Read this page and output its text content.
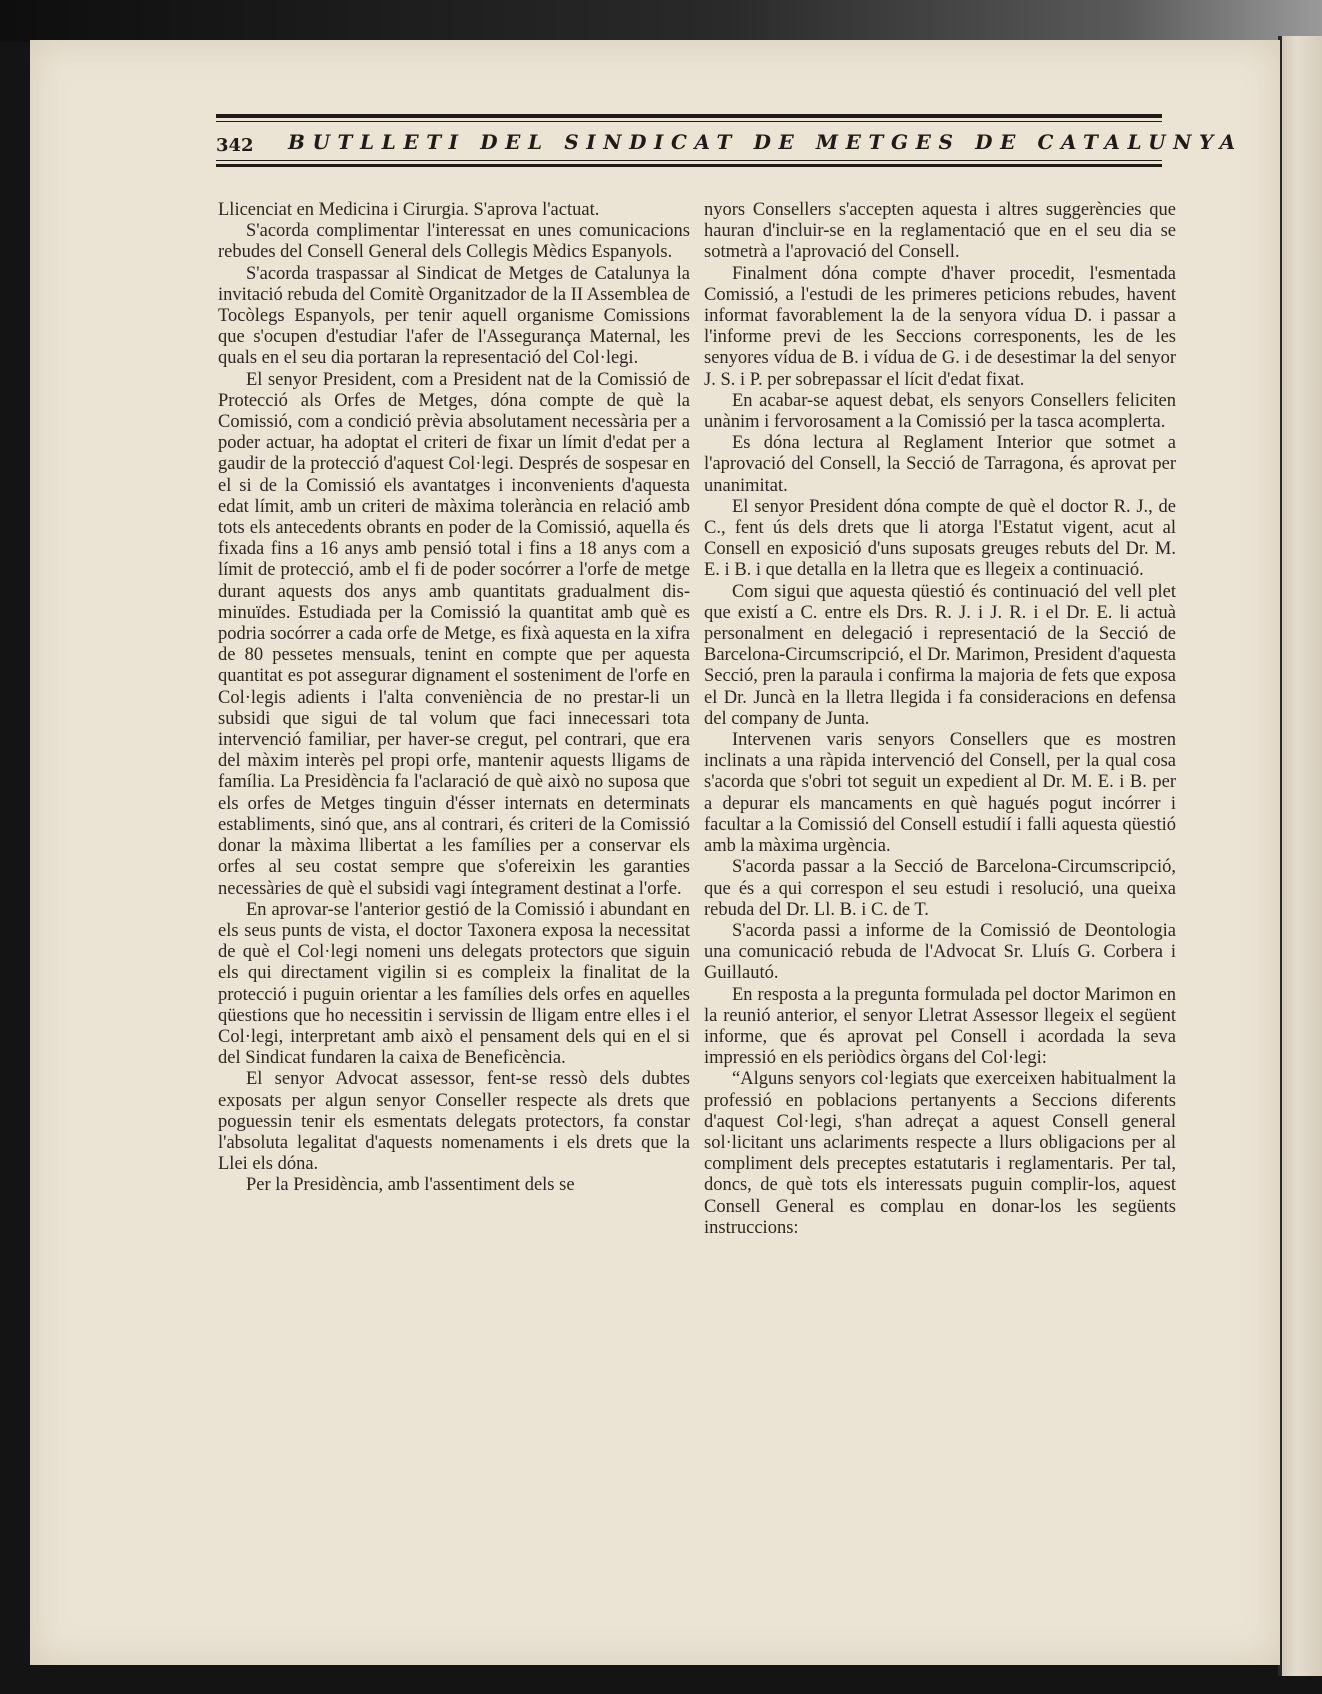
342 BUTLLETI DEL SINDICAT DE METGES DE CATALUNYA

Llicenciat en Medicina i Cirurgia. S'aprova l'actuat.

S'acorda complimentar l'interessat en unes comunicacions rebudes del Consell General dels Collegis Mèdics Espanyols.

S'acorda traspassar al Sindicat de Metges de Catalunya la invitació rebuda del Comitè Organitzador de la II Assemblea de Tocòlegs Espanyols, per tenir aquell organisme Comissions que s'ocupen d'estudiar l'afer de l'Assegurança Maternal, les quals en el seu dia portaran la representació del Col·legi.

El senyor President, com a President nat de la Comissió de Protecció als Orfes de Metges, dóna compte de què la Comissió, com a condició prèvia absolutament necessària per a poder actuar, ha adoptat el criteri de fixar un límit d'edat per a gaudir de la protecció d'aquest Col·legi. Després de sospesar en el si de la Comissió els avantatges i inconvenients d'aquesta edat límit, amb un criteri de màxima tolerància en relació amb tots els antecedents obrants en poder de la Comissió, aquella és fixada fins a 16 anys amb pensió total i fins a 18 anys com a límit de protecció, amb el fi de poder socórrer a l'orfe de metge durant aquests dos anys amb quantitats gradualment disminuïdes. Estudiada per la Comissió la quantitat amb què es podria socórrer a cada orfe de Metge, es fixà aquesta en la xifra de 80 pessetes mensuals, tenint en compte que per aquesta quantitat es pot assegurar dignament el sosteniment de l'orfe en Col·legis adients i l'alta conveniència de no prestar-li un subsidi que sigui de tal volum que faci innecessari tota intervenció familiar, per haver-se cregut, pel contrari, que era del màxim interès pel propi orfe, mantenir aquests lligams de família. La Presidència fa l'aclaració de què això no suposa que els orfes de Metges tinguin d'ésser internats en determinats establiments, sinó que, ans al contrari, és criteri de la Comissió donar la màxima llibertat a les famílies per a conservar els orfes al seu costat sempre que s'ofereixin les garanties necessàries de què el subsidi vagi íntegrament destinat a l'orfe.

En aprovar-se l'anterior gestió de la Comissió i abundant en els seus punts de vista, el doctor Taxonera exposa la necessitat de què el Col·legi nomeni uns delegats protectors que siguin els qui directament vigilin si es compleix la finalitat de la protecció i puguin orientar a les famílies dels orfes en aquelles qüestions que ho necessitin i servissin de lligam entre elles i el Col·legi, interpretant amb això el pensament dels qui en el si del Sindicat fundaren la caixa de Beneficència.

El senyor Advocat assessor, fent-se ressò dels dubtes exposats per algun senyor Conseller respecte als drets que poguessin tenir els esmentats delegats protectors, fa constar l'absoluta legalitat d'aquests nomenaments i els drets que la Llei els dóna.

Per la Presidència, amb l'assentiment dels se

nyors Consellers s'accepten aquesta i altres suggerències que hauran d'incluir-se en la reglamentació que en el seu dia se sotmetrà a l'aprovació del Consell.

Finalment dóna compte d'haver procedit, l'esmentada Comissió, a l'estudi de les primeres peticions rebudes, havent informat favorablement la de la senyora vídua D. i passar a l'informe previ de les Seccions corresponents, les de les senyores vídua de B. i vídua de G. i de desestimar la del senyor J. S. i P. per sobrepassar el lícit d'edat fixat.

En acabar-se aquest debat, els senyors Consellers feliciten unànim i fervorosament a la Comissió per la tasca acomplerta.

Es dóna lectura al Reglament Interior que sotmet a l'aprovació del Consell, la Secció de Tarragona, és aprovat per unanimitat.

El senyor President dóna compte de què el doctor R. J., de C., fent ús dels drets que li atorga l'Estatut vigent, acut al Consell en exposició d'uns suposats greuges rebuts del Dr. M. E. i B. i que detalla en la lletra que es llegeix a continuació.

Com sigui que aquesta qüestió és continuació del vell plet que existí a C. entre els Drs. R. J. i J. R. i el Dr. E. li actuà personalment en delegació i representació de la Secció de Barcelona-Circumscripció, el Dr. Marimon, President d'aquesta Secció, pren la paraula i confirma la majoria de fets que exposa el Dr. Juncà en la lletra llegida i fa consideracions en defensa del company de Junta.

Intervenen varis senyors Consellers que es mostren inclinats a una ràpida intervenció del Consell, per la qual cosa s'acorda que s'obri tot seguit un expedient al Dr. M. E. i B. per a depurar els mancaments en què hagués pogut incórrer i facultar a la Comissió del Consell estudií i falli aquesta qüestió amb la màxima urgència.

S'acorda passar a la Secció de Barcelona-Circumscripció, que és a qui correspon el seu estudi i resolució, una queixa rebuda del Dr. Ll. B. i C. de T.

S'acorda passi a informe de la Comissió de Deontologia una comunicació rebuda de l'Advocat Sr. Lluís G. Corbera i Guillautó.

En resposta a la pregunta formulada pel doctor Marimon en la reunió anterior, el senyor Lletrat Assessor llegeix el següent informe, que és aprovat pel Consell i acordada la seva impressió en els periòdics òrgans del Col·legi:

“Alguns senyors col·legiats que exerceixen habitualment la professió en poblacions pertanyents a Seccions diferents d'aquest Col·legi, s'han adreçat a aquest Consell general sol·licitant uns aclariments respecte a llurs obligacions per al compliment dels preceptes estatutaris i reglamentaris. Per tal, doncs, de què tots els interessats puguin complir-los, aquest Consell General es complau en donar-los les següents instruccions:
